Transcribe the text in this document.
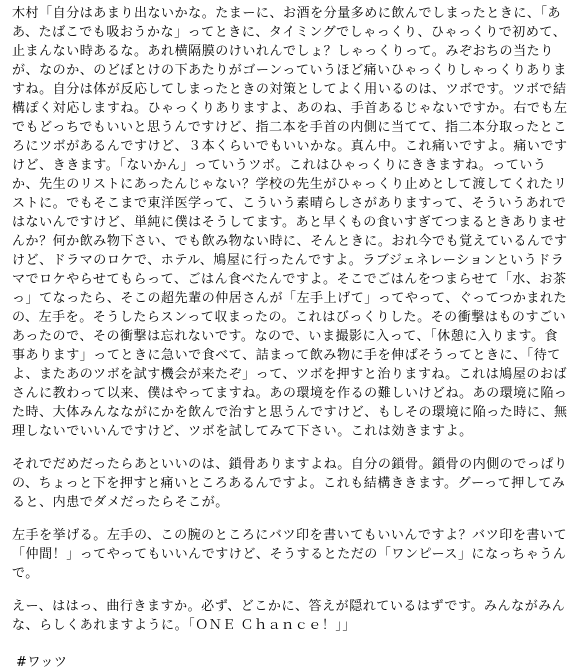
木村「自分はあまり出ないかな。たまーに、お酒を分量多めに飲んでしまったときに、「ああ、たばこでも吸おうかな」ってときに、タイミングでしゃっくり、ひゃっくりで初めて、止まんない時あるな。あれ横隔膜のけいれんでしょ？しゃっくりって。みぞおちの当たりが、なのか、のどぼとけの下あたりがゴーンっていうほど痛いひゃっくりしゃっくりありますね。自分は体が反応してしまったときの対策としてよく用いるのは、ツボです。ツボで結構ぽく対応しますね。ひゃっくりありますよ、あのね、手首あるじゃないですか。右でも左でもどっちでもいいと思うんですけど、指二本を手首の内側に当てて、指二本分取ったところにツボがあるんですけど、３本くらいでもいいかな。真ん中。これ痛いですよ。痛いですけど、ききます。「ないかん」っていうツボ。これはひゃっくりにききますね。っていうか、先生のリストにあったんじゃない？学校の先生がひゃっくり止めとして渡してくれたリストに。でもそこまで東洋医学って、こういう素晴らしさがありますって、そういうあれではないんですけど、単純に僕はそうしてます。あと早くもの食いすぎてつまるときありませんか？何か飲み物下さい、でも飲み物ない時に、そんときに。おれ今でも覚えているんですけど、ドラマのロケで、ホテル、鳩屋に行ったんですよ。ラブジェネレーションというドラマでロケやらせてもらって、ごはん食べたんですよ。そこでごはんをつまらせて「水、お茶っ」てなったら、そこの超先輩の仲居さんが「左手上げて」ってやって、ぐってつかまれたの、左手を。そうしたらスンって収まったの。これはびっくりした。その衝撃はものすごいあったので、その衝撃は忘れないです。なので、いま撮影に入って、「休憩に入ります。食事あります」ってときに急いで食べて、詰まって飲み物に手を伸ばそうってときに、「待てよ、またあのツボを試す機会が来たぞ」って、ツボを押すと治りますね。これは鳩屋のおばさんに教わって以来、僕はやってますね。あの環境を作るの難しいけどね。あの環境に陥った時、大体みんなながにかを飲んで治すと思うんですけど、もしその環境に陥った時に、無理しないでいいんですけど、ツボを試してみて下さい。これは効きますよ。

それでだめだったらあといいのは、鎖骨ありますよね。自分の鎖骨。鎖骨の内側のでっぱりの、ちょっと下を押すと痛いところあるんですよ。これも結構ききます。グーって押してみると、内患でダメだったらそこが。

左手を挙げる。左手の、この腕のところにバツ印を書いてもいいんですよ？バツ印を書いて「仲間！」ってやってもいいんですけど、そうするとただの「ワンピース」になっちゃうんで。

えー、ははっ、曲行きますか。必ず、どこかに、答えが隠れているはずです。みんながみんな、らしくあれますように。「ＯＮＥ Ｃｈａｎｃｅ！」」

#ワッツ
